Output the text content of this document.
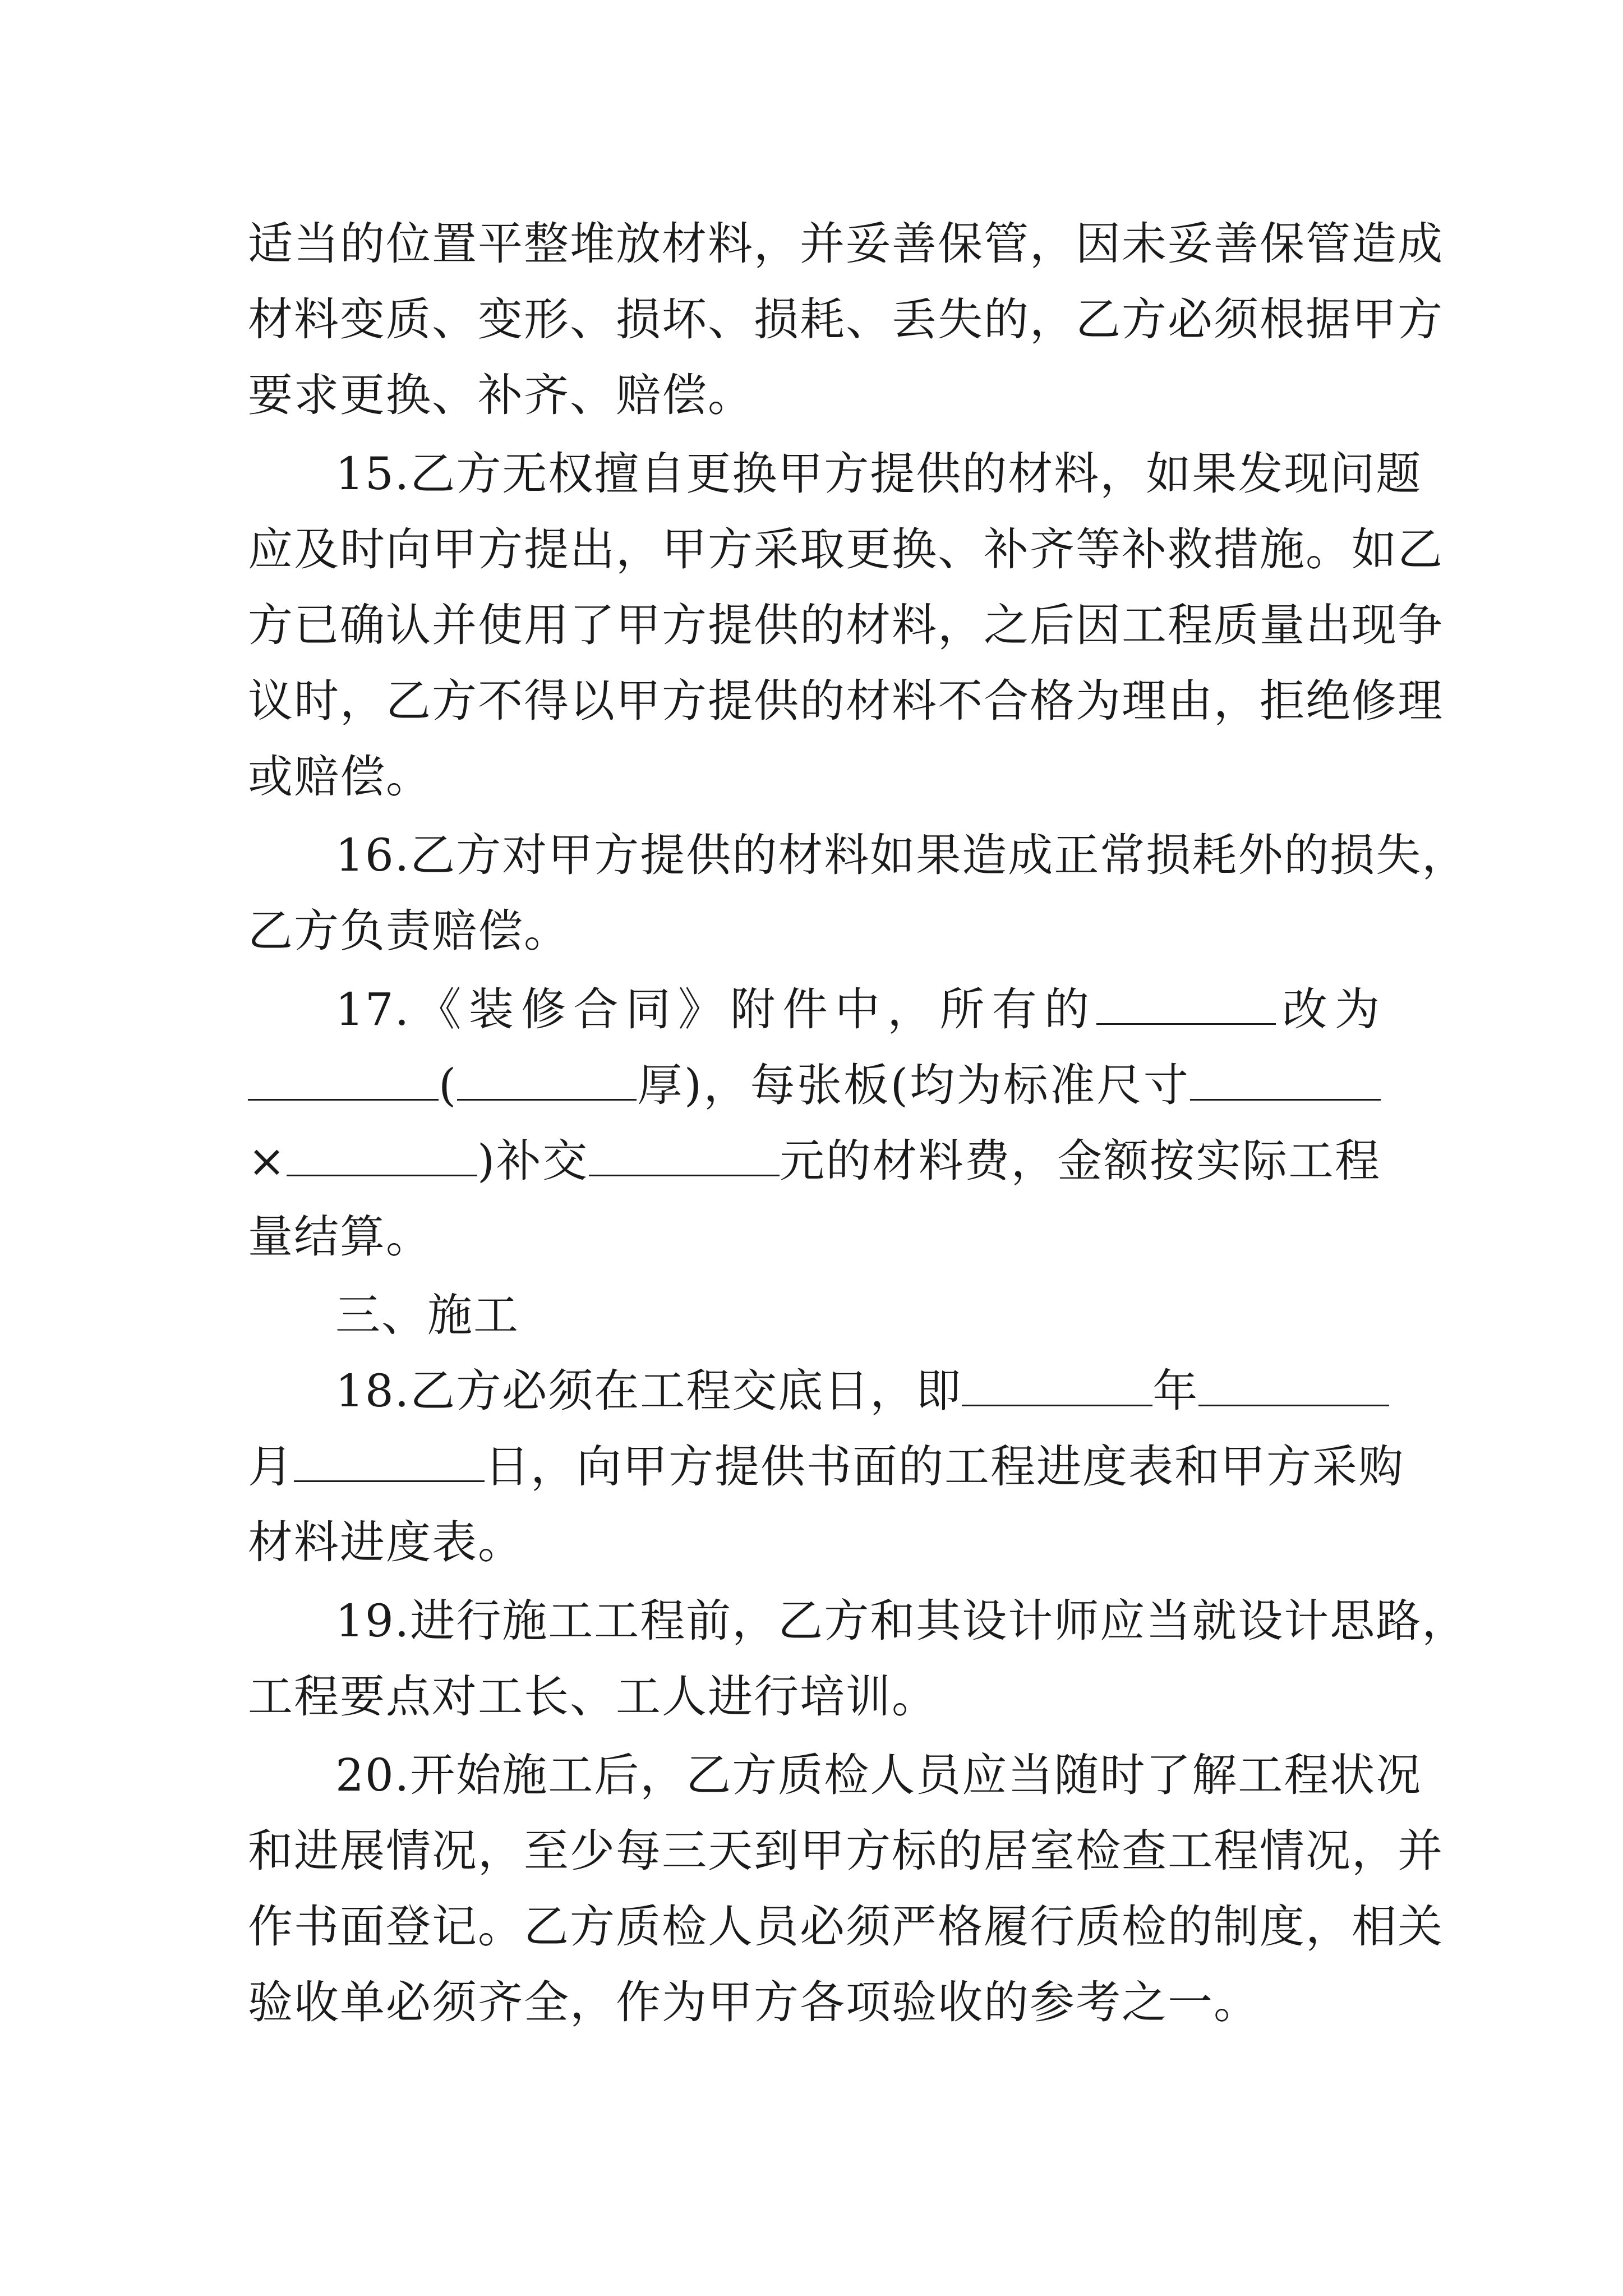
适当的位置平整堆放材料，并妥善保管，因未妥善保管造成
材料变质、变形、损坏、损耗、丢失的，乙方必须根据甲方
要求更换、补齐、赔偿。
15.乙方无权擅自更换甲方提供的材料，如果发现问题
应及时向甲方提出，甲方采取更换、补齐等补救措施。如乙
方已确认并使用了甲方提供的材料，之后因工程质量出现争
议时，乙方不得以甲方提供的材料不合格为理由，拒绝修理
或赔偿。
16.乙方对甲方提供的材料如果造成正常损耗外的损失，
乙方负责赔偿。
17.《装修合同》附件中，所有的	改为
(	厚)，每张板(均为标准尺寸
×	)补交	元的材料费，金额按实际工程
量结算。
三、施工
18.乙方必须在工程交底日，即	年
月	日，向甲方提供书面的工程进度表和甲方采购
材料进度表。
19.进行施工工程前，乙方和其设计师应当就设计思路，
工程要点对工长、工人进行培训。
20.开始施工后，乙方质检人员应当随时了解工程状况
和进展情况，至少每三天到甲方标的居室检查工程情况，并
作书面登记。乙方质检人员必须严格履行质检的制度，相关
验收单必须齐全，作为甲方各项验收的参考之一。
